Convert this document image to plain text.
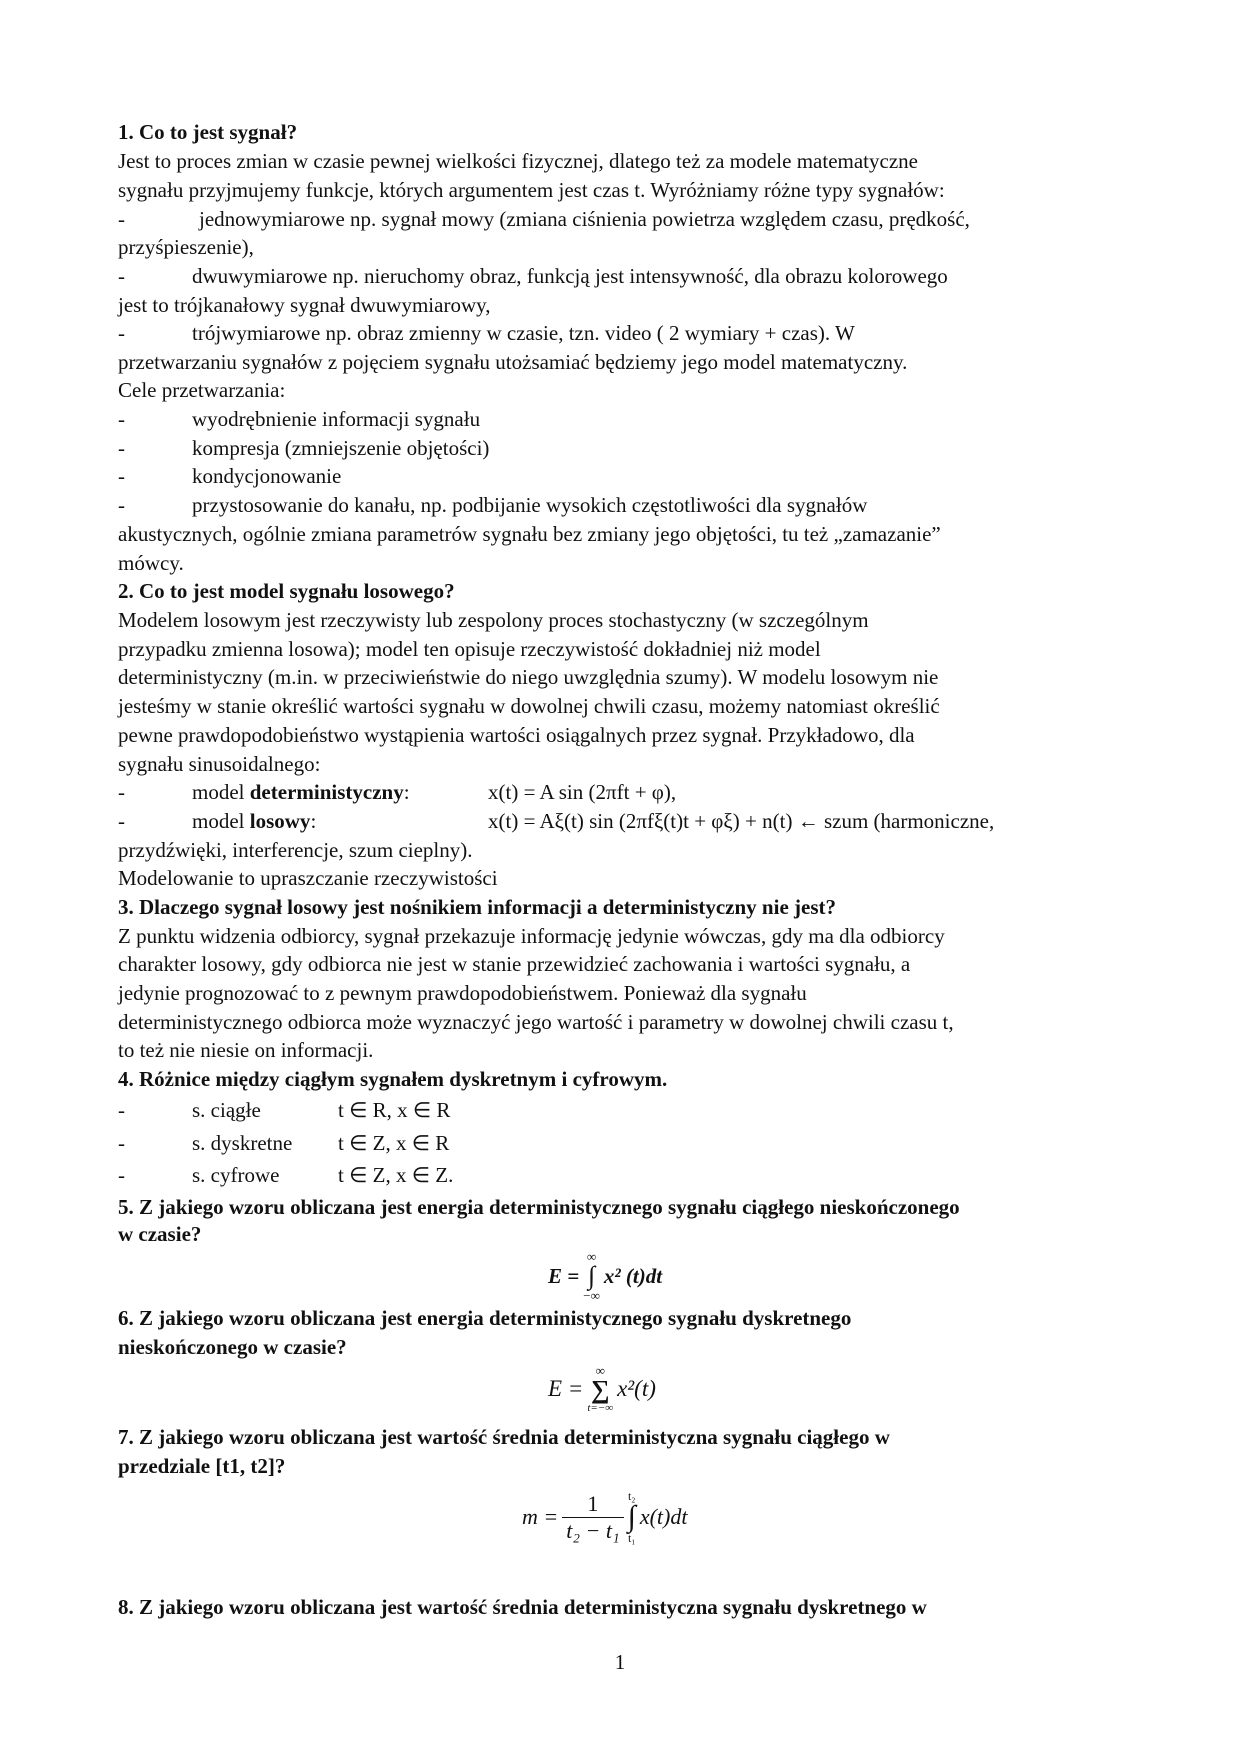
1. Co to jest sygnał?
Jest to proces zmian w czasie pewnej wielkości fizycznej, dlatego też za modele matematyczne
sygnału przyjmujemy funkcje, których argumentem jest czas t. Wyróżniamy różne typy sygnałów:
-	jednowymiarowe np. sygnał mowy (zmiana ciśnienia powietrza względem czasu, prędkość,
przyśpieszenie),
-	dwuwymiarowe np. nieruchomy obraz, funkcją jest intensywność, dla obrazu kolorowego
jest to trójkanałowy sygnał dwuwymiarowy,
-	trójwymiarowe np. obraz zmienny w czasie, tzn. video ( 2 wymiary + czas). W
przetwarzaniu sygnałów z pojęciem sygnału utożsamiać będziemy jego model matematyczny.
Cele przetwarzania:
-	wyodrębnienie informacji sygnału
-	kompresja (zmniejszenie objętości)
-	kondycjonowanie
-	przystosowanie do kanału, np. podbijanie wysokich częstotliwości dla sygnałów
akustycznych, ogólnie zmiana parametrów sygnału bez zmiany jego objętości, tu też „zamazanie”
mówcy.
2. Co to jest model sygnału losowego?
Modelem losowym jest rzeczywisty lub zespolony proces stochastyczny (w szczególnym
przypadku zmienna losowa); model ten opisuje rzeczywistość dokładniej niż model
deterministyczny (m.in. w przeciwieństwie do niego uwzględnia szumy). W modelu losowym nie
jesteśmy w stanie określić wartości sygnału w dowolnej chwili czasu, możemy natomiast określić
pewne prawdopodobieństwo wystąpienia wartości osiągalnych przez sygnał. Przykładowo, dla
sygnału sinusoidalnego:
-	model deterministyczny:	x(t) = A sin (2πft + φ),
-	model losowy:	x(t) = Aξ(t) sin (2πfξ(t)t + φξ) + n(t) ← szum (harmoniczne,
przydźwięki, interferencje, szum cieplny).
Modelowanie to upraszczanie rzeczywistości
3. Dlaczego sygnał losowy jest nośnikiem informacji a deterministyczny nie jest?
Z punktu widzenia odbiorcy, sygnał przekazuje informację jedynie wówczas, gdy ma dla odbiorcy
charakter losowy, gdy odbiorca nie jest w stanie przewidzieć zachowania i wartości sygnału, a
jedynie prognozować to z pewnym prawdopodobieństwem. Ponieważ dla sygnału
deterministycznego odbiorca może wyznaczyć jego wartość i parametry w dowolnej chwili czasu t,
to też nie niesie on informacji.
4. Różnice między ciągłym sygnałem dyskretnym i cyfrowym.
-	s. ciągłe	t ∈ R, x ∈ R
-	s. dyskretne t ∈ Z, x ∈ R
-	s. cyfrowe	t ∈ Z, x ∈ Z.
5. Z jakiego wzoru obliczana jest energia deterministycznego sygnału ciągłego nieskończonego
w czasie?
E =
∞
∫
−∞
x² (t)dt
6. Z jakiego wzoru obliczana jest energia deterministycznego sygnału dyskretnego
nieskończonego w czasie?
E =
∞
∑
t=−∞
x²(t)
7. Z jakiego wzoru obliczana jest wartość średnia deterministyczna sygnału ciągłego w
przedziale [t1, t2]?
$m = \frac{1}{\text{t₂ − t₁}} t_2$
∫
t₁
x(t)dt
8. Z jakiego wzoru obliczana jest wartość średnia deterministyczna sygnału dyskretnego w
1
